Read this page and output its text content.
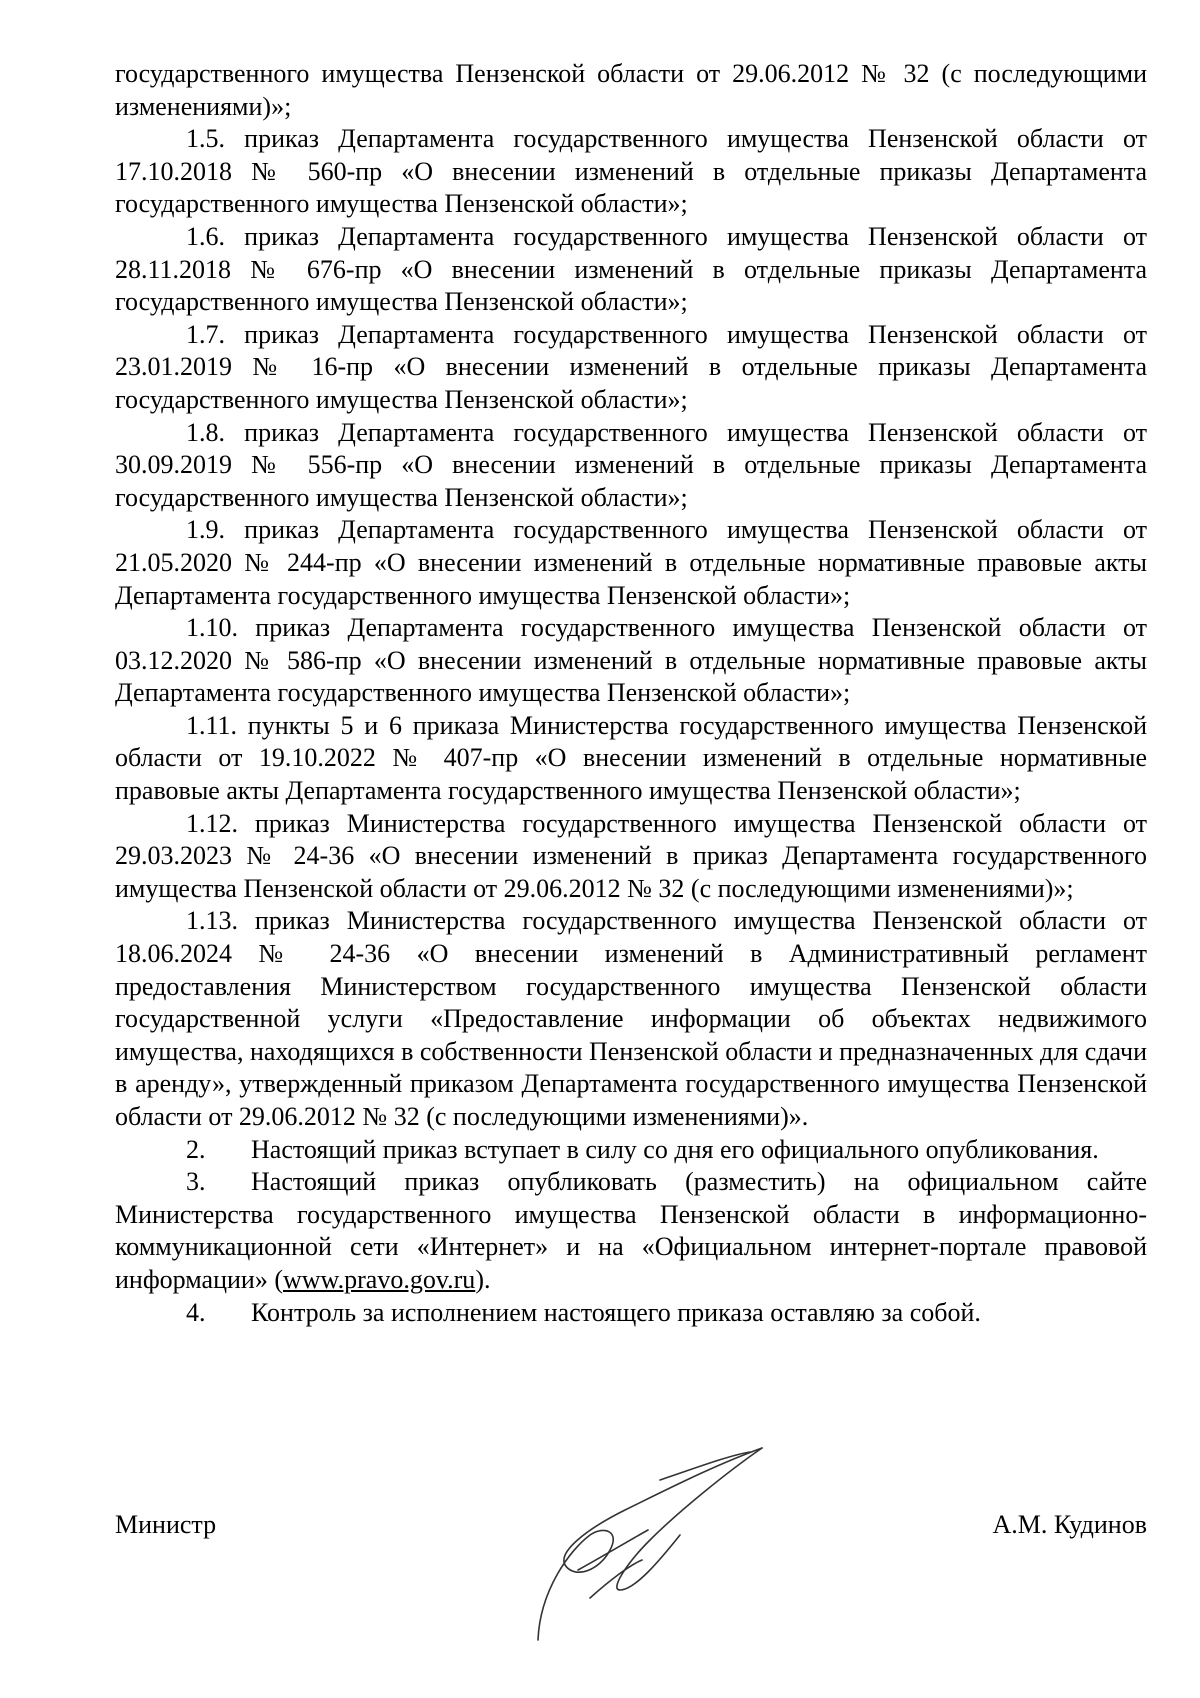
государственного имущества Пензенской области от 29.06.2012 № 32 (с последующими изменениями)»;

1.5. приказ Департамента государственного имущества Пензенской области от 17.10.2018 № 560-пр «О внесении изменений в отдельные приказы Департамента государственного имущества Пензенской области»;

1.6. приказ Департамента государственного имущества Пензенской области от 28.11.2018 № 676-пр «О внесении изменений в отдельные приказы Департамента государственного имущества Пензенской области»;

1.7. приказ Департамента государственного имущества Пензенской области от 23.01.2019 № 16-пр «О внесении изменений в отдельные приказы Департамента государственного имущества Пензенской области»;

1.8. приказ Департамента государственного имущества Пензенской области от 30.09.2019 № 556-пр «О внесении изменений в отдельные приказы Департамента государственного имущества Пензенской области»;

1.9. приказ Департамента государственного имущества Пензенской области от 21.05.2020 № 244-пр «О внесении изменений в отдельные нормативные правовые акты Департамента государственного имущества Пензенской области»;

1.10. приказ Департамента государственного имущества Пензенской области от 03.12.2020 № 586-пр «О внесении изменений в отдельные нормативные правовые акты Департамента государственного имущества Пензенской области»;

1.11. пункты 5 и 6 приказа Министерства государственного имущества Пензенской области от 19.10.2022 № 407-пр «О внесении изменений в отдельные нормативные правовые акты Департамента государственного имущества Пензенской области»;

1.12. приказ Министерства государственного имущества Пензенской области от 29.03.2023 № 24-36 «О внесении изменений в приказ Департамента государственного имущества Пензенской области от 29.06.2012 № 32 (с последующими изменениями)»;

1.13. приказ Министерства государственного имущества Пензенской области от 18.06.2024 № 24-36 «О внесении изменений в Административный регламент предоставления Министерством государственного имущества Пензенской области государственной услуги «Предоставление информации об объектах недвижимого имущества, находящихся в собственности Пензенской области и предназначенных для сдачи в аренду», утвержденный приказом Департамента государственного имущества Пензенской области от 29.06.2012 № 32 (с последующими изменениями)».

2. Настоящий приказ вступает в силу со дня его официального опубликования.

3. Настоящий приказ опубликовать (разместить) на официальном сайте Министерства государственного имущества Пензенской области в информационно-коммуникационной сети «Интернет» и на «Официальном интернет-портале правовой информации» (www.pravo.gov.ru).

4. Контроль за исполнением настоящего приказа оставляю за собой.

Министр	А.М. Кудинов
